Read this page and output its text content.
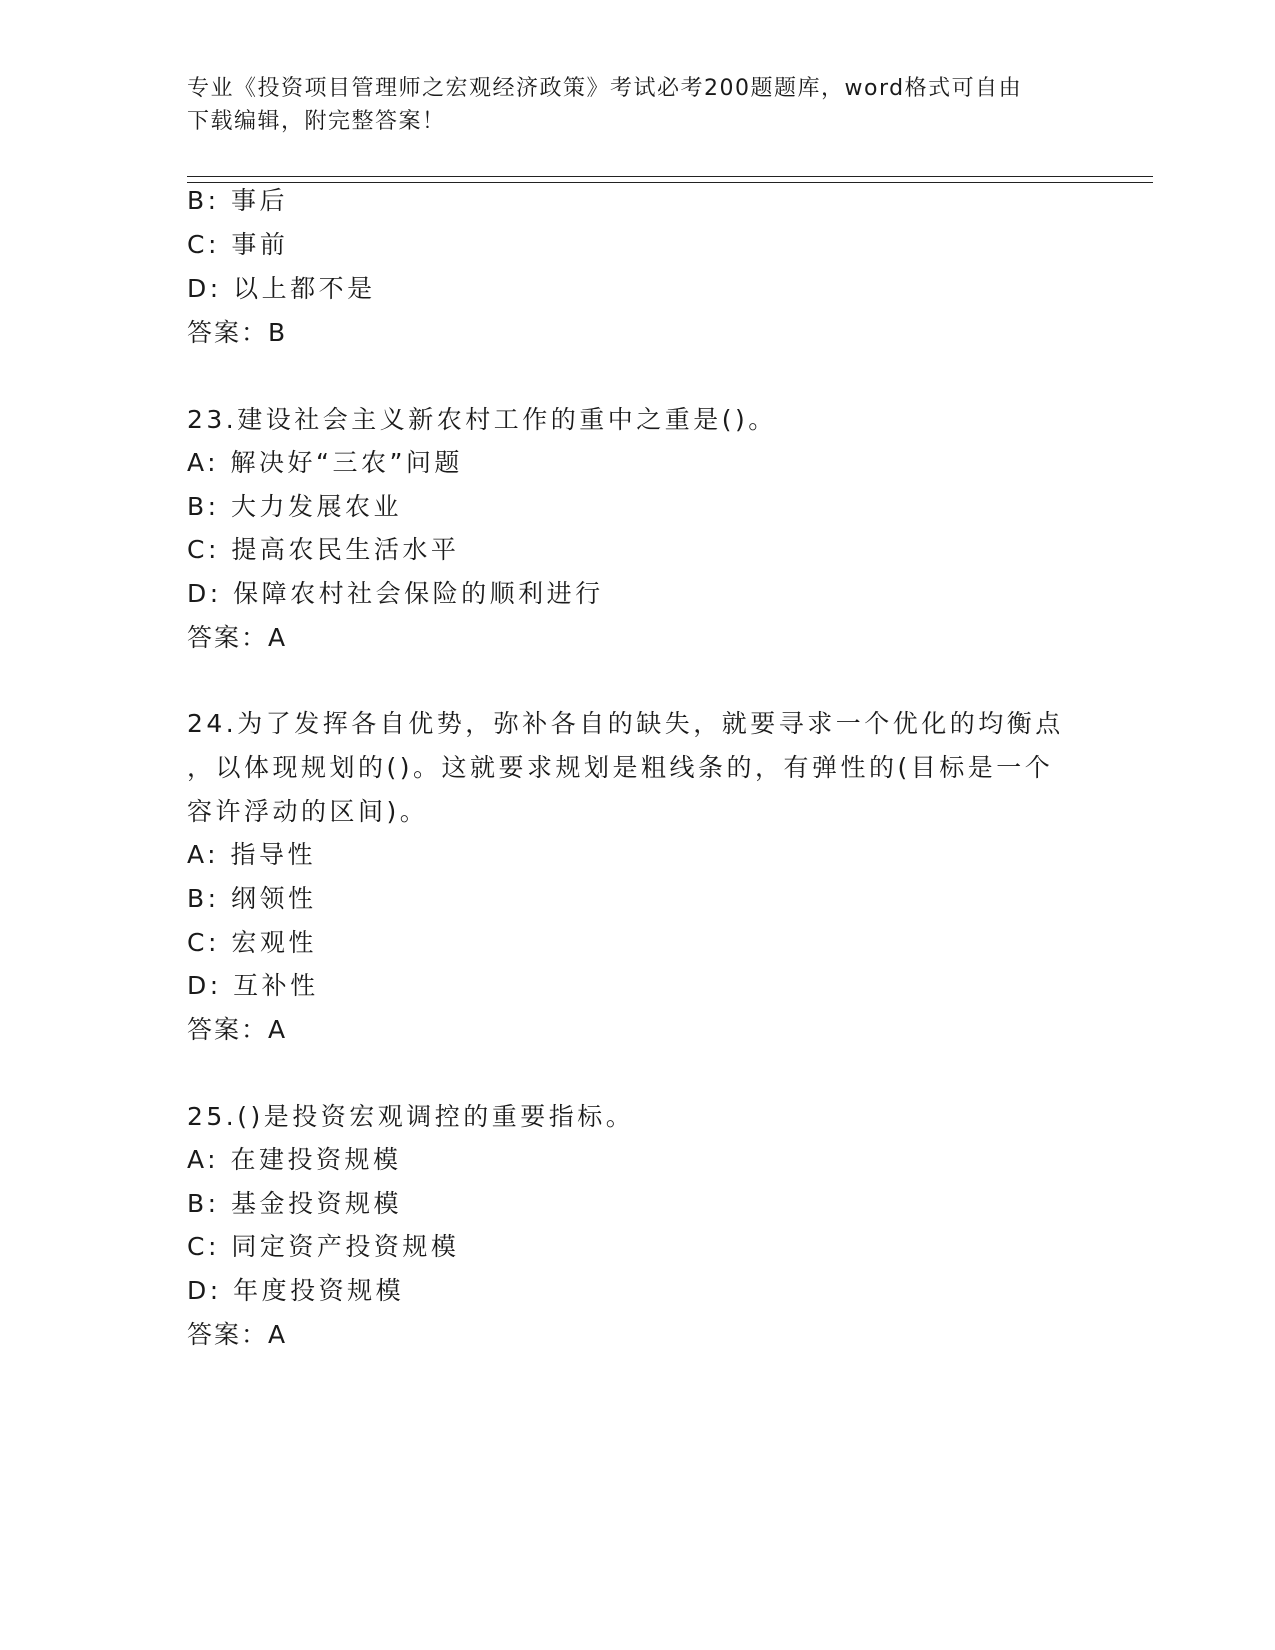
专业《投资项目管理师之宏观经济政策》考试必考200题题库，word格式可自由
下载编辑，附完整答案！
B: 事后
C: 事前
D: 以上都不是
答案：B
23.建设社会主义新农村工作的重中之重是()。
A: 解决好“三农”问题
B: 大力发展农业
C: 提高农民生活水平
D: 保障农村社会保险的顺利进行
答案：A
24.为了发挥各自优势，弥补各自的缺失，就要寻求一个优化的均衡点
，以体现规划的()。这就要求规划是粗线条的，有弹性的(目标是一个
容许浮动的区间)。
A: 指导性
B: 纲领性
C: 宏观性
D: 互补性
答案：A
25.()是投资宏观调控的重要指标。
A: 在建投资规模
B: 基金投资规模
C: 同定资产投资规模
D: 年度投资规模
答案：A
